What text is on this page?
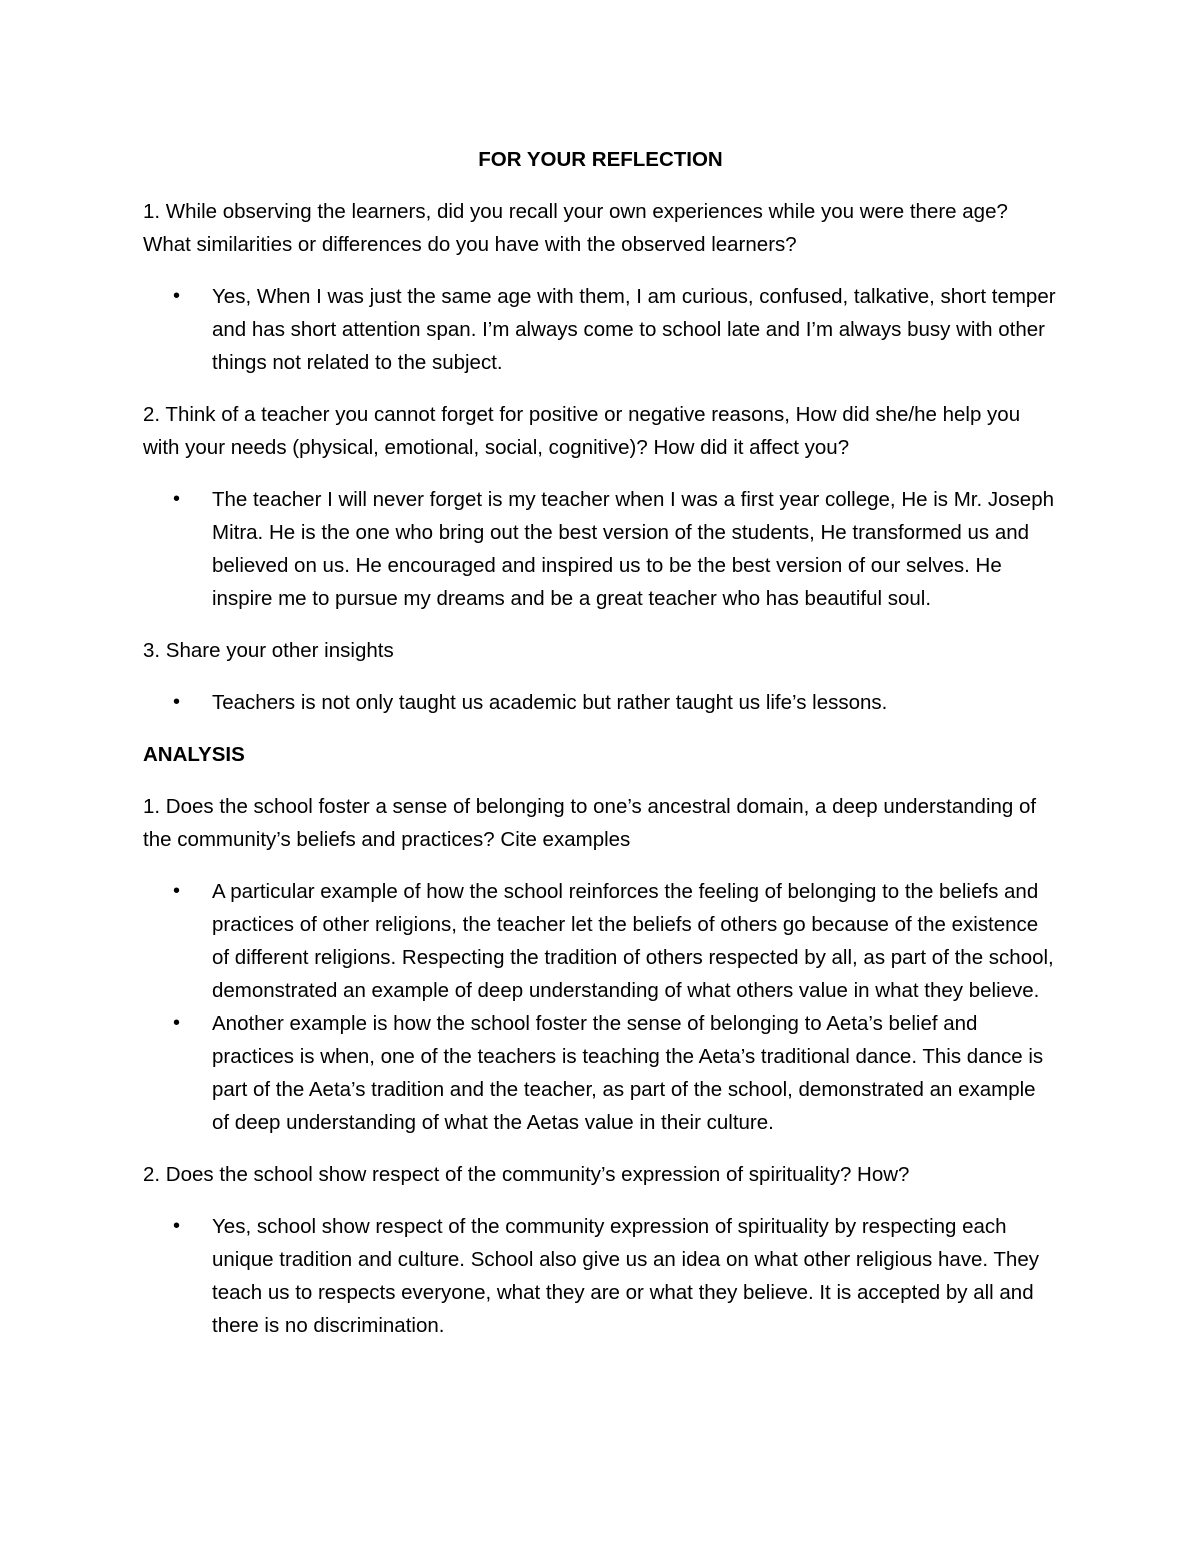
FOR YOUR REFLECTION
1. While observing the learners, did you recall your own experiences while you were there age? What similarities or differences do you have with the observed learners?
• Yes, When I was just the same age with them, I am curious, confused, talkative, short temper and has short attention span. I’m always come to school late and I’m always busy with other things not related to the subject.
2. Think of a teacher you cannot forget for positive or negative reasons, How did she/he help you with your needs (physical, emotional, social, cognitive)? How did it affect you?
• The teacher I will never forget is my teacher when I was a first year college, He is Mr. Joseph Mitra. He is the one who bring out the best version of the students, He transformed us and believed on us. He encouraged and inspired us to be the best version of our selves. He inspire me to pursue my dreams and be a great teacher who has beautiful soul.
3. Share your other insights
• Teachers is not only taught us academic but rather taught us life’s lessons.
ANALYSIS
1. Does the school foster a sense of belonging to one’s ancestral domain, a deep understanding of the community’s beliefs and practices? Cite examples
• A particular example of how the school reinforces the feeling of belonging to the beliefs and practices of other religions, the teacher let the beliefs of others go because of the existence of different religions. Respecting the tradition of others respected by all, as part of the school, demonstrated an example of deep understanding of what others value in what they believe.
• Another example is how the school foster the sense of belonging to Aeta’s belief and practices is when, one of the teachers is teaching the Aeta’s traditional dance. This dance is part of the Aeta’s tradition and the teacher, as part of the school, demonstrated an example of deep understanding of what the Aetas value in their culture.
2. Does the school show respect of the community’s expression of spirituality? How?
• Yes, school show respect of the community expression of spirituality by respecting each unique tradition and culture. School also give us an idea on what other religious have. They teach us to respects everyone, what they are or what they believe. It is accepted by all and there is no discrimination.
